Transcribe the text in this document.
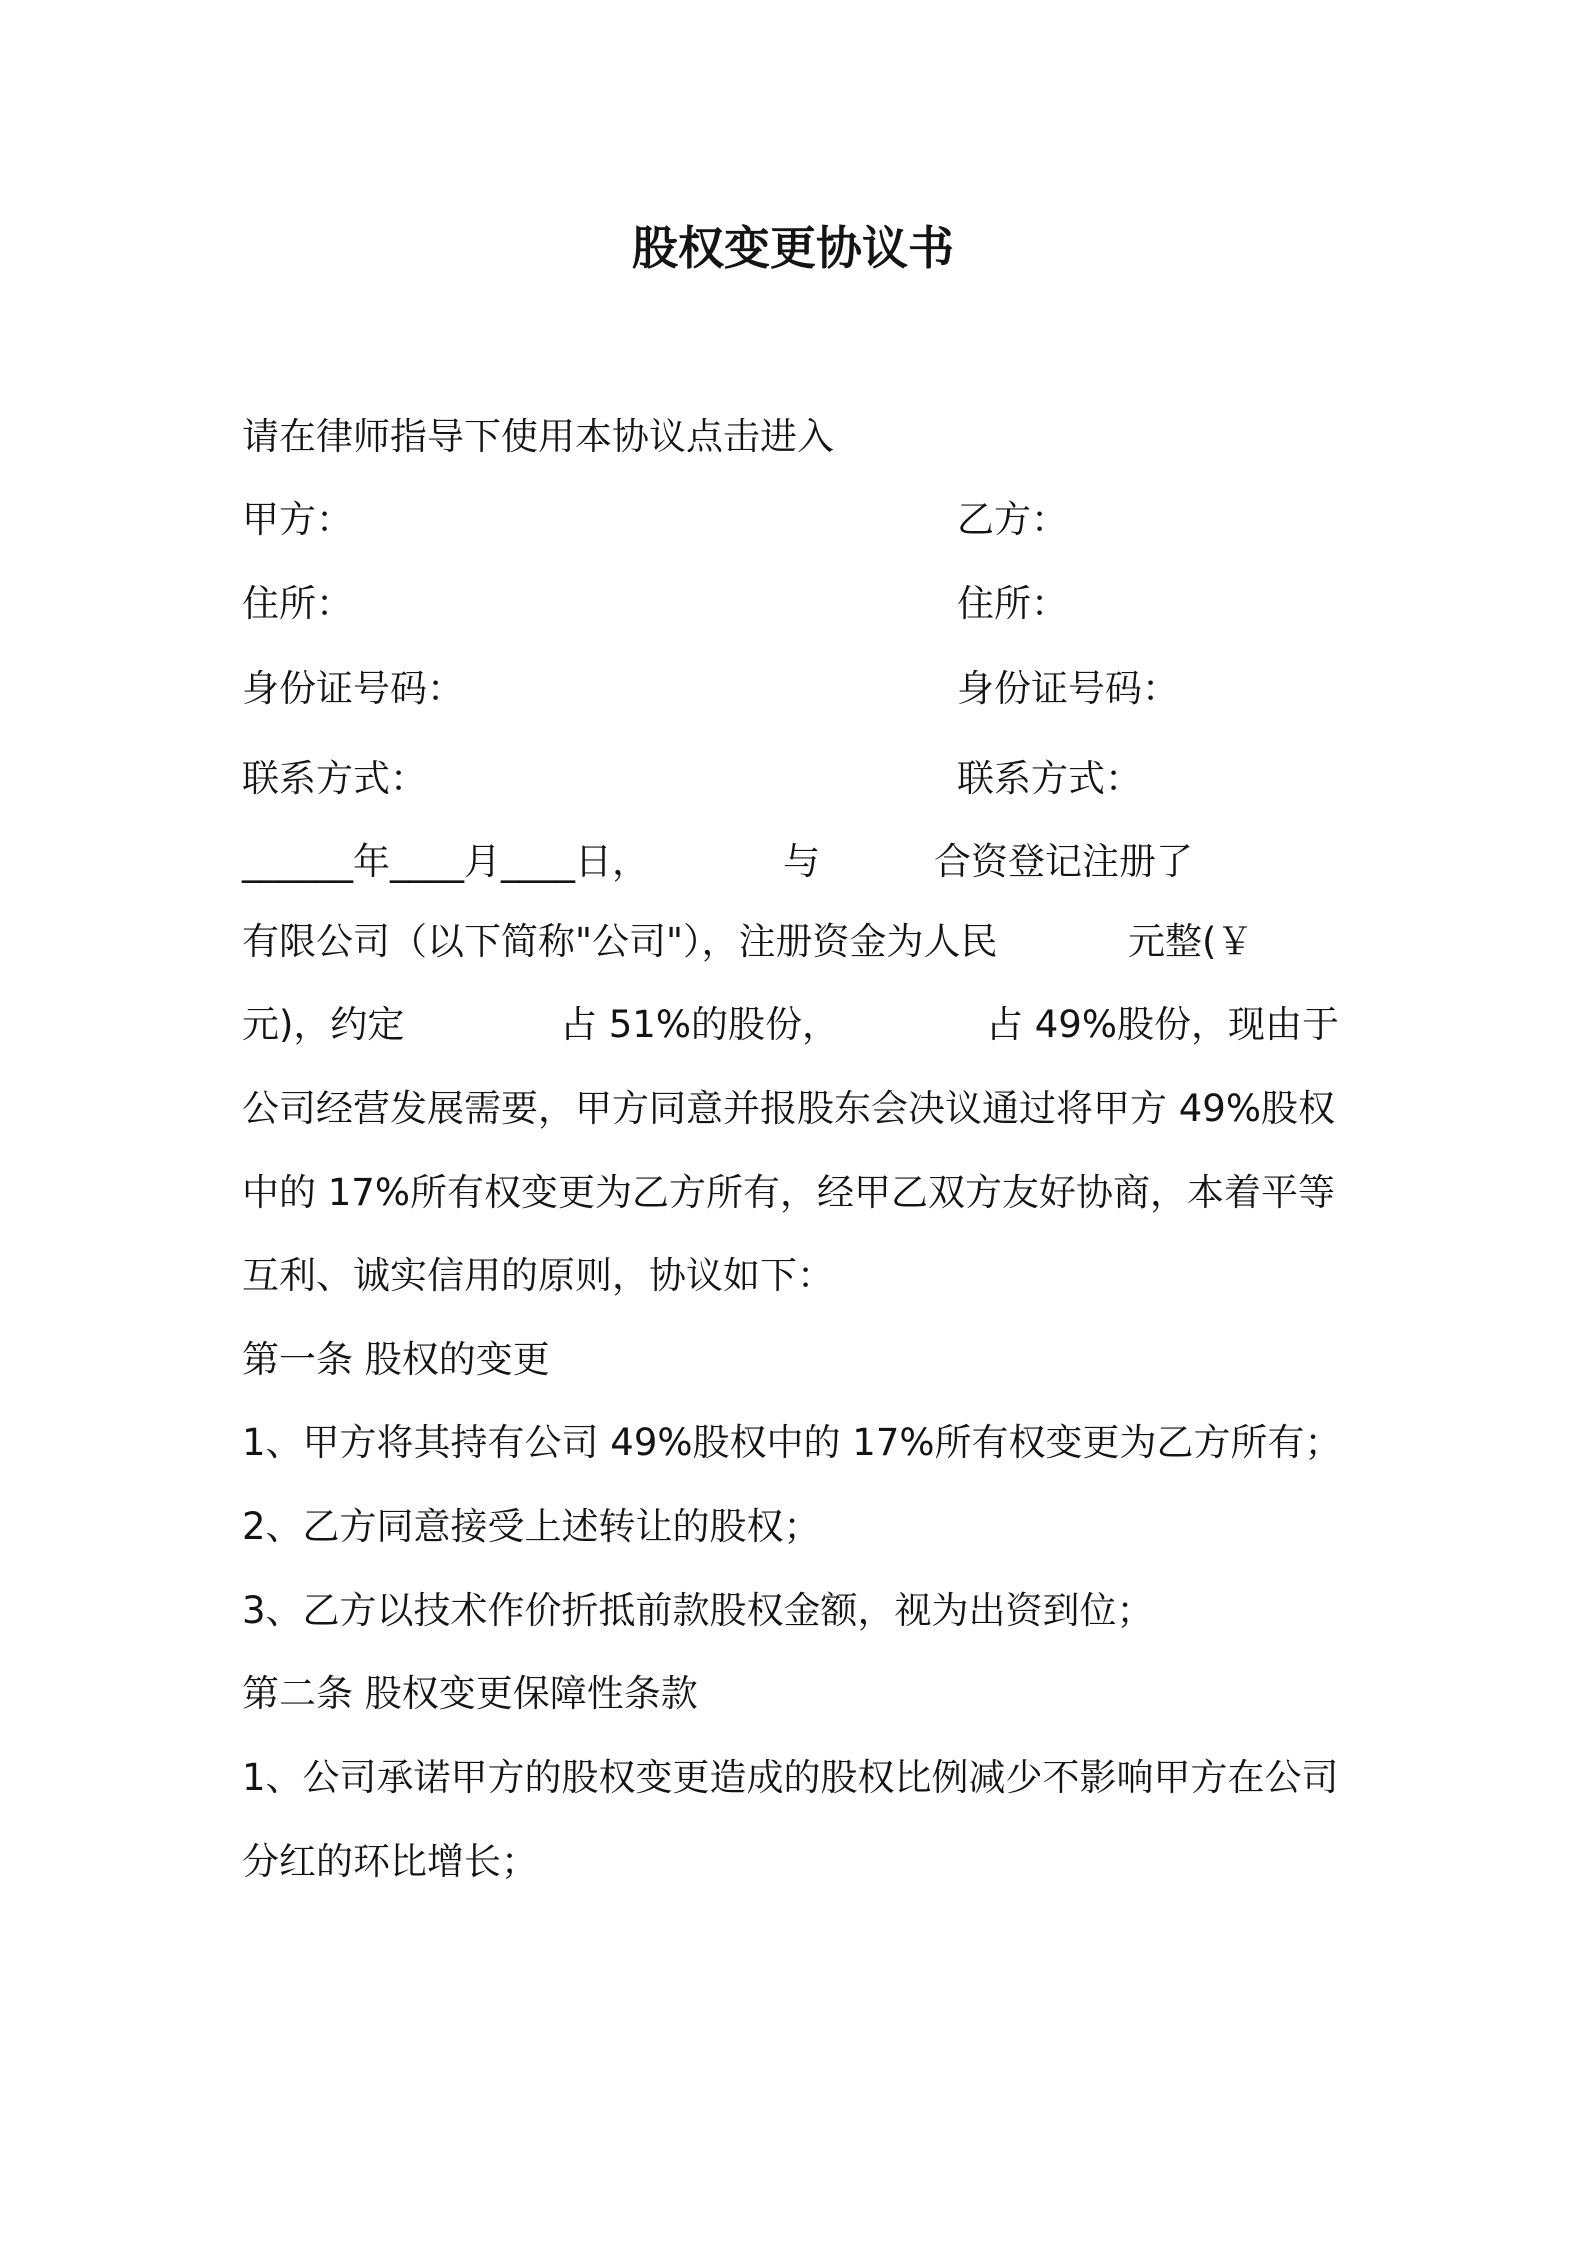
股权变更协议书
请在律师指导下使用本协议点击进入
甲方：	乙方：
住所：	住所：
身份证号码：	身份证号码：
联系方式：	联系方式：
______年____月____日，	与	合资登记注册了
有限公司（以下简称"公司"），注册资金为人民	元整(￥
元)，约定	占 51%的股份，	占 49%股份，现由于
公司经营发展需要，甲方同意并报股东会决议通过将甲方 49%股权
中的 17%所有权变更为乙方所有，经甲乙双方友好协商，本着平等
互利、诚实信用的原则，协议如下：
第一条 股权的变更
1、甲方将其持有公司 49%股权中的 17%所有权变更为乙方所有；
2、乙方同意接受上述转让的股权；
3、乙方以技术作价折抵前款股权金额，视为出资到位；
第二条 股权变更保障性条款
1、公司承诺甲方的股权变更造成的股权比例减少不影响甲方在公司
分红的环比增长；
